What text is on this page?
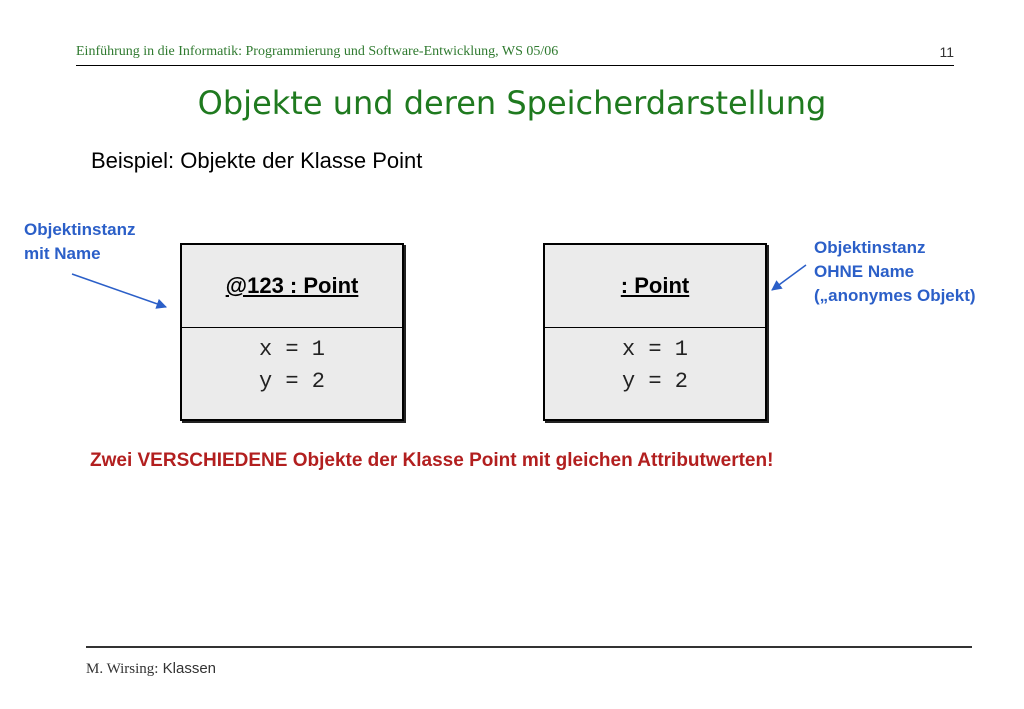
Einführung in die Informatik: Programmierung und Software-Entwicklung, WS 05/06	11
Objekte und deren Speicherdarstellung
Beispiel: Objekte der Klasse Point
Objektinstanz
mit Name	Objektinstanz
OHNE Name
(„anonymes Objekt)
@123 : Point
x = 1
y = 2
: Point
x = 1
y = 2
Zwei VERSCHIEDENE Objekte der Klasse Point mit gleichen Attributwerten!
M. Wirsing: Klassen
